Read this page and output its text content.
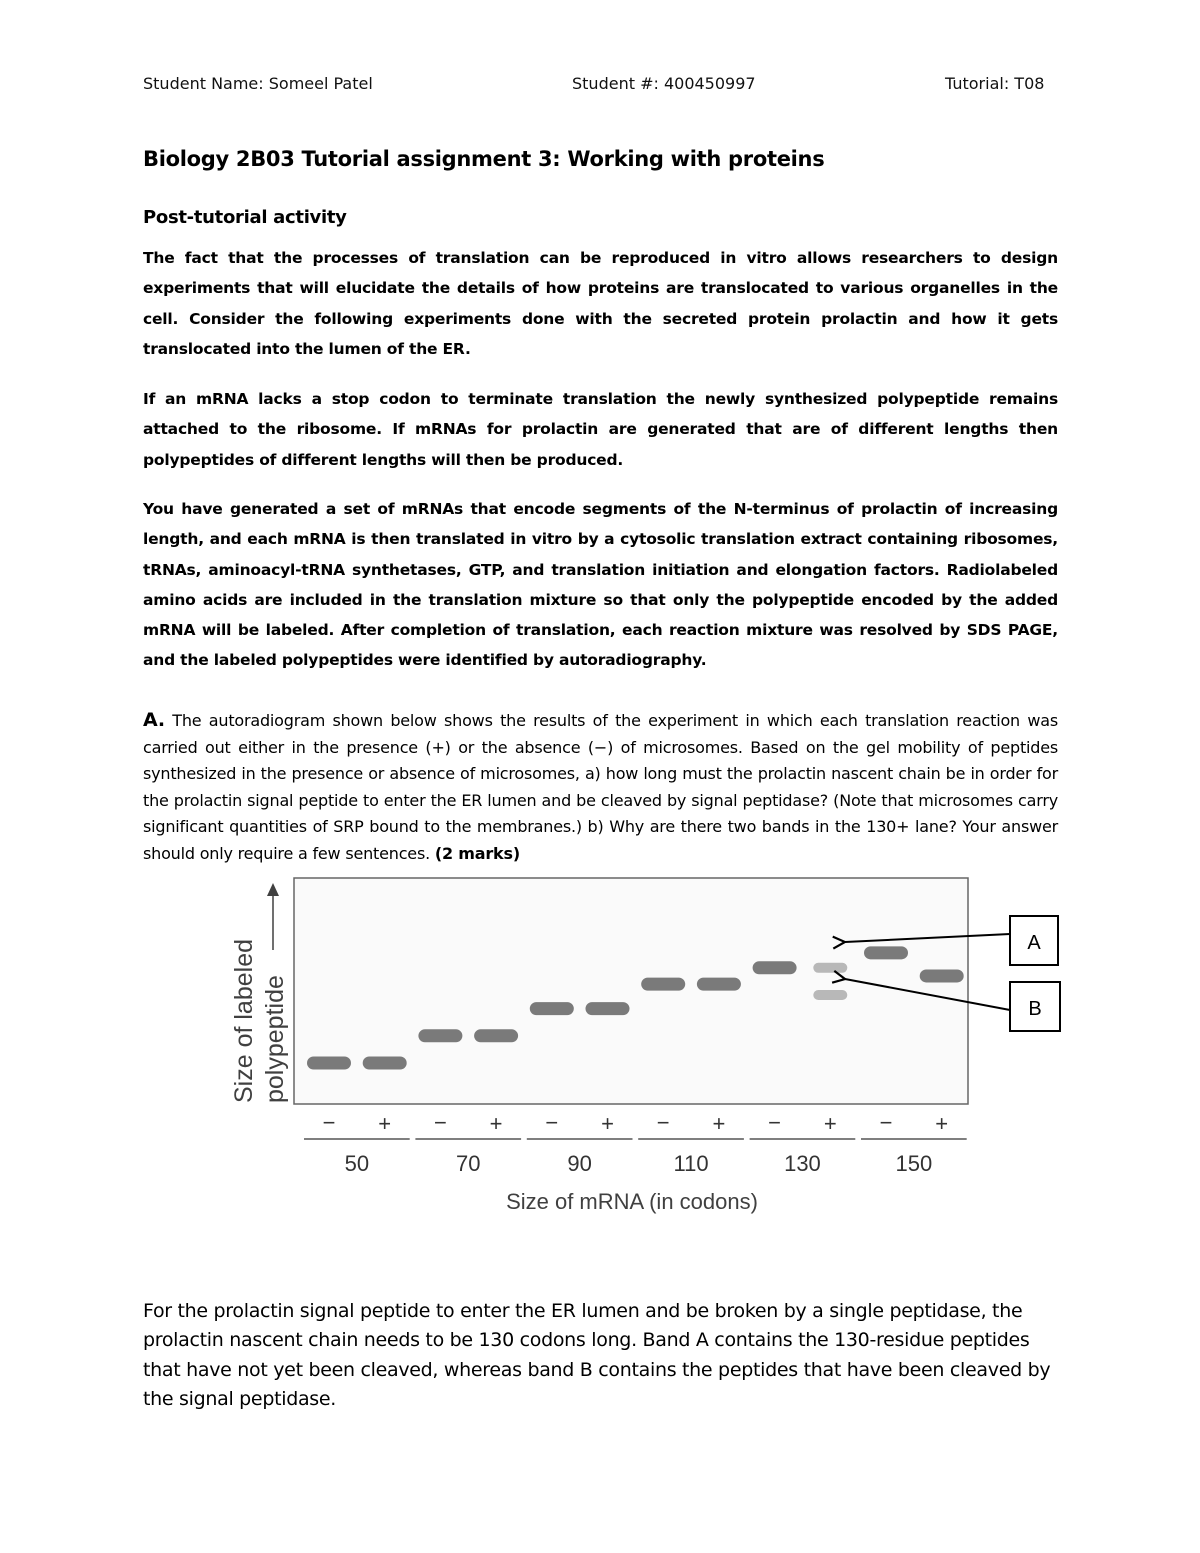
Student Name: Someel Patel	Student #: 400450997	Tutorial: T08
Biology 2B03 Tutorial assignment 3: Working with proteins
Post-tutorial activity

The fact that the processes of translation can be reproduced in vitro allows researchers to design experiments that will elucidate the details of how proteins are translocated to various organelles in the cell. Consider the following experiments done with the secreted protein prolactin and how it gets translocated into the lumen of the ER.

If an mRNA lacks a stop codon to terminate translation the newly synthesized polypeptide remains attached to the ribosome. If mRNAs for prolactin are generated that are of different lengths then polypeptides of different lengths will then be produced.

You have generated a set of mRNAs that encode segments of the N-terminus of prolactin of increasing length, and each mRNA is then translated in vitro by a cytosolic translation extract containing ribosomes, tRNAs, aminoacyl-tRNA synthetases, GTP, and translation initiation and elongation factors. Radiolabeled amino acids are included in the translation mixture so that only the polypeptide encoded by the added mRNA will be labeled. After completion of translation, each reaction mixture was resolved by SDS PAGE, and the labeled polypeptides were identified by autoradiography.

A. The autoradiogram shown below shows the results of the experiment in which each translation reaction was carried out either in the presence (+) or the absence (−) of microsomes. Based on the gel mobility of peptides synthesized in the presence or absence of microsomes, a) how long must the prolactin nascent chain be in order for the prolactin signal peptide to enter the ER lumen and be cleaved by signal peptidase? (Note that microsomes carry significant quantities of SRP bound to the membranes.) b) Why are there two bands in the 130+ lane? Your answer should only require a few sentences. (2 marks)

Size of labeled polypeptide
− + − + − + − + − + − +
50	70	90	110	130	150
Size of mRNA (in codons)
A
B

For the prolactin signal peptide to enter the ER lumen and be broken by a single peptidase, the prolactin nascent chain needs to be 130 codons long. Band A contains the 130-residue peptides that have not yet been cleaved, whereas band B contains the peptides that have been cleaved by the signal peptidase.
